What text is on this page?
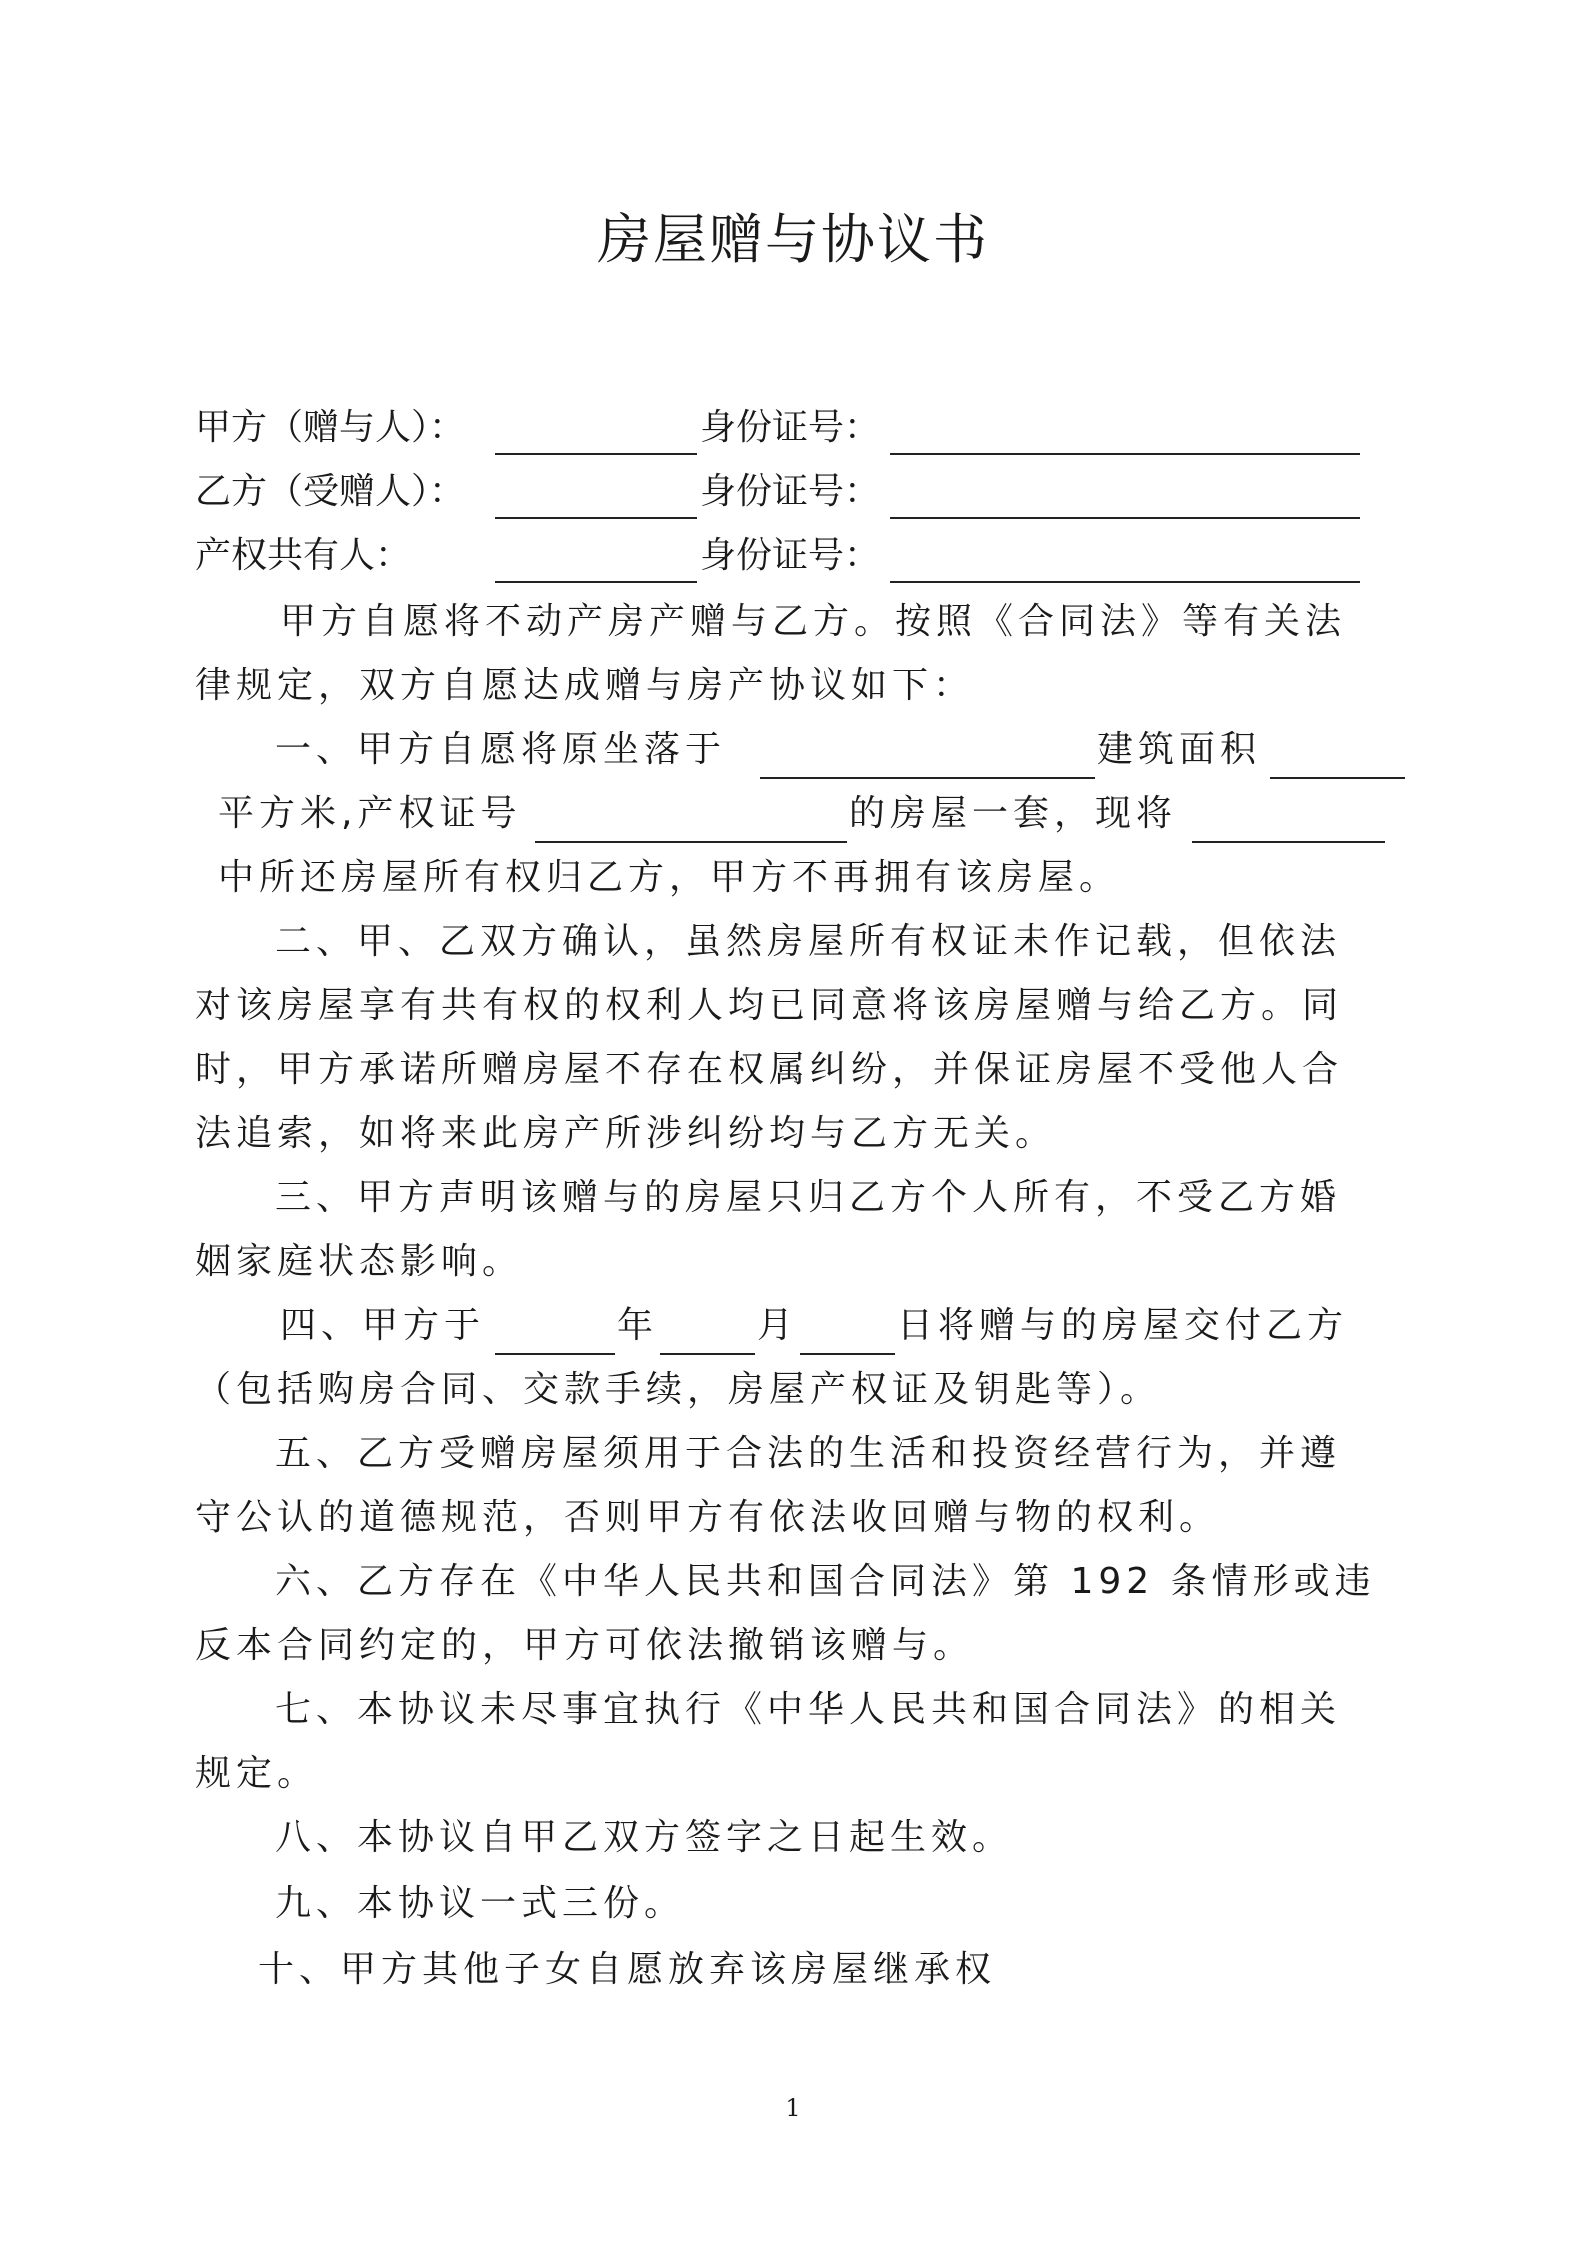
房屋赠与协议书
甲方（赠与人）：	身份证号：
乙方（受赠人）：	身份证号：
产权共有人：	身份证号：
甲方自愿将不动产房产赠与乙方。按照《合同法》等有关法
律规定，双方自愿达成赠与房产协议如下：
一、甲方自愿将原坐落于	建筑面积
平方米,产权证号	的房屋一套，现将
中所还房屋所有权归乙方，甲方不再拥有该房屋。
二、甲、乙双方确认，虽然房屋所有权证未作记载，但依法
对该房屋享有共有权的权利人均已同意将该房屋赠与给乙方。同
时，甲方承诺所赠房屋不存在权属纠纷，并保证房屋不受他人合
法追索，如将来此房产所涉纠纷均与乙方无关。
三、甲方声明该赠与的房屋只归乙方个人所有，不受乙方婚
姻家庭状态影响。
四、甲方于	年	月	日将赠与的房屋交付乙方
（包括购房合同、交款手续，房屋产权证及钥匙等）。
五、乙方受赠房屋须用于合法的生活和投资经营行为，并遵
守公认的道德规范，否则甲方有依法收回赠与物的权利。
六、乙方存在《中华人民共和国合同法》第 192 条情形或违
反本合同约定的，甲方可依法撤销该赠与。
七、本协议未尽事宜执行《中华人民共和国合同法》的相关
规定。
八、本协议自甲乙双方签字之日起生效。
九、本协议一式三份。
十、甲方其他子女自愿放弃该房屋继承权
1
